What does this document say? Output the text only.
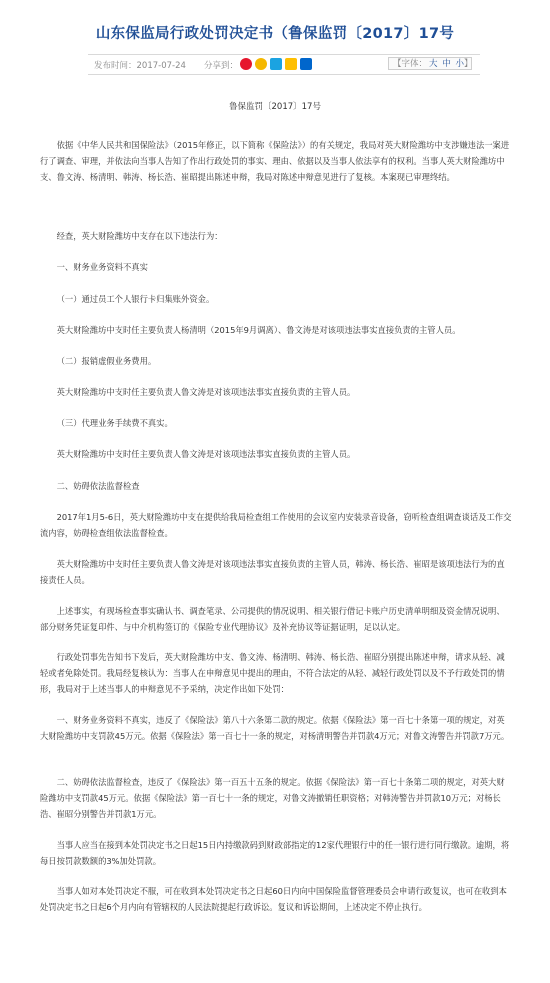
山东保监局行政处罚决定书（鲁保监罚〔2017〕17号
发布时间：2017-07-24 分享到：	【字体： 大 中 小】
鲁保监罚〔2017〕17号

依据《中华人民共和国保险法》（2015年修正，以下简称《保险法》）的有关规定，我局对英大财险潍坊中支涉嫌违法一案进行了调查、审理，并依法向当事人告知了作出行政处罚的事实、理由、依据以及当事人依法享有的权利。当事人英大财险潍坊中支、鲁文涛、杨清明、韩涛、杨长浩、崔昭提出陈述申辩，我局对陈述申辩意见进行了复核。本案现已审理终结。

经查，英大财险潍坊中支存在以下违法行为：

一、财务业务资料不真实

（一）通过员工个人银行卡归集账外资金。

英大财险潍坊中支时任主要负责人杨清明（2015年9月调离）、鲁文涛是对该项违法事实直接负责的主管人员。

（二）报销虚假业务费用。

英大财险潍坊中支时任主要负责人鲁文涛是对该项违法事实直接负责的主管人员。

（三）代理业务手续费不真实。

英大财险潍坊中支时任主要负责人鲁文涛是对该项违法事实直接负责的主管人员。

二、妨碍依法监督检查

2017年1月5-6日，英大财险潍坊中支在提供给我局检查组工作使用的会议室内安装录音设备，窃听检查组调查谈话及工作交流内容，妨碍检查组依法监督检查。

英大财险潍坊中支时任主要负责人鲁文涛是对该项违法事实直接负责的主管人员，韩涛、杨长浩、崔昭是该项违法行为的直接责任人员。

上述事实，有现场检查事实确认书、调查笔录、公司提供的情况说明、相关银行借记卡账户历史清单明细及资金情况说明、部分财务凭证复印件、与中介机构签订的《保险专业代理协议》及补充协议等证据证明，足以认定。

行政处罚事先告知书下发后，英大财险潍坊中支、鲁文涛、杨清明、韩涛、杨长浩、崔昭分别提出陈述申辩，请求从轻、减轻或者免除处罚。我局经复核认为：当事人在申辩意见中提出的理由，不符合法定的从轻、减轻行政处罚以及不予行政处罚的情形，我局对于上述当事人的申辩意见不予采纳，决定作出如下处罚：

一、财务业务资料不真实，违反了《保险法》第八十六条第二款的规定。依据《保险法》第一百七十条第一项的规定，对英大财险潍坊中支罚款45万元。依据《保险法》第一百七十一条的规定，对杨清明警告并罚款4万元；对鲁文涛警告并罚款7万元。

二、妨碍依法监督检查，违反了《保险法》第一百五十五条的规定。依据《保险法》第一百七十条第二项的规定，对英大财险潍坊中支罚款45万元。依据《保险法》第一百七十一条的规定，对鲁文涛撤销任职资格；对韩涛警告并罚款10万元；对杨长浩、崔昭分别警告并罚款1万元。

当事人应当在接到本处罚决定书之日起15日内持缴款码到财政部指定的12家代理银行中的任一银行进行同行缴款。逾期，将每日按罚款数额的3%加处罚款。

当事人如对本处罚决定不服，可在收到本处罚决定书之日起60日内向中国保险监督管理委员会申请行政复议，也可在收到本处罚决定书之日起6个月内向有管辖权的人民法院提起行政诉讼。复议和诉讼期间，上述决定不停止执行。
